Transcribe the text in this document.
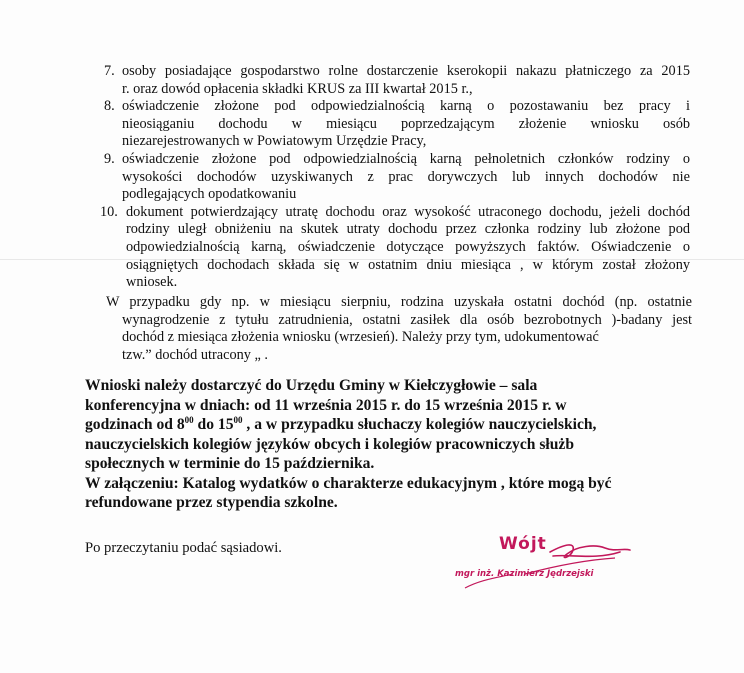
7. osoby posiadające gospodarstwo rolne dostarczenie kserokopii nakazu płatniczego za 2015
r. oraz dowód opłacenia składki KRUS za III kwartał 2015 r.,
8. oświadczenie złożone pod odpowiedzialnością karną o pozostawaniu bez pracy i
nieosiąganiu dochodu w miesiącu poprzedzającym złożenie wniosku osób
niezarejestrowanych w Powiatowym Urzędzie Pracy,
9. oświadczenie złożone pod odpowiedzialnością karną pełnoletnich członków rodziny o
wysokości dochodów uzyskiwanych z prac dorywczych lub innych dochodów nie
podlegających opodatkowaniu
10. dokument potwierdzający utratę dochodu oraz wysokość utraconego dochodu, jeżeli dochód
rodziny uległ obniżeniu na skutek utraty dochodu przez członka rodziny lub złożone pod
odpowiedzialnością karną, oświadczenie dotyczące powyższych faktów. Oświadczenie o
osiągniętych dochodach składa się w ostatnim dniu miesiąca , w którym został złożony
wniosek.
W przypadku gdy np. w miesiącu sierpniu, rodzina uzyskała ostatni dochód (np. ostatnie
wynagrodzenie z tytułu zatrudnienia, ostatni zasiłek dla osób bezrobotnych )-badany jest
dochód z miesiąca złożenia wniosku (wrzesień). Należy przy tym, udokumentować
tzw.” dochód utracony „ .
Wnioski należy dostarczyć do Urzędu Gminy w Kiełczygłowie – sala
konferencyjna w dniach: od 11 września 2015 r. do 15 września 2015 r. w
godzinach od $8^{00}$ do $15^{00}$ , a w przypadku słuchaczy kolegiów nauczycielskich,
nauczycielskich kolegiów języków obcych i kolegiów pracowniczych służb
społecznych w terminie do 15 października.
W załączeniu: Katalog wydatków o charakterze edukacyjnym , które mogą być
refundowane przez stypendia szkolne.
Po przeczytaniu podać sąsiadowi.	Wójt
mgr inż. Kazimierz Jędrzejski
